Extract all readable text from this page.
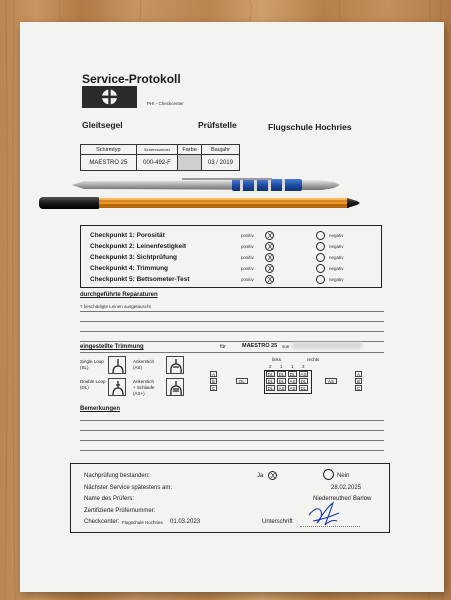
Service-Protokoll
PHI - Checkcenter
Gleitsegel	Prüfstelle	Flugschule Hochries
Schirmtyp	Seriennummer	Farbe	Baujahr
MAESTRO 25	000-492-F		03 / 2019
durchgeführte Reparaturen
7 beschädigte Leinen ausgetauscht
eingestellte Trimmung	für	MAESTRO 25 von
Single Loop
(SL)
Ankerstich
(AS)
Double Loop
(DL)
Ankerstich
+ Schlaufe
(AS+)
links	rechts
Bemerkungen
Nachprüfung bestanden:	Ja X	Nein
Nächster Service spätestens am:	28.02.2025
Name des Prüfers:	Niederreuther/ Barlow
Zertifizierte Prüfernummer:
Checkcenter: Flugschule Hochries 01.03.2023	Unterschrift
Checkpunkt 1: Porosität	positiv X	negativ
Checkpunkt 2: Leinenfestigkeit	positiv X	negativ
Checkpunkt 3: Sichtprüfung	positiv X	negativ
Checkpunkt 4: Trimmung	positiv X	negativ
Checkpunkt 5: Bettsometer-Test	positiv X	negativ
2 1 1 2
DL	DL	DL	AS
DL	DL	AS	DL
DL	AS	AS	DL
A	A
B	B
C	C
DL	AS
